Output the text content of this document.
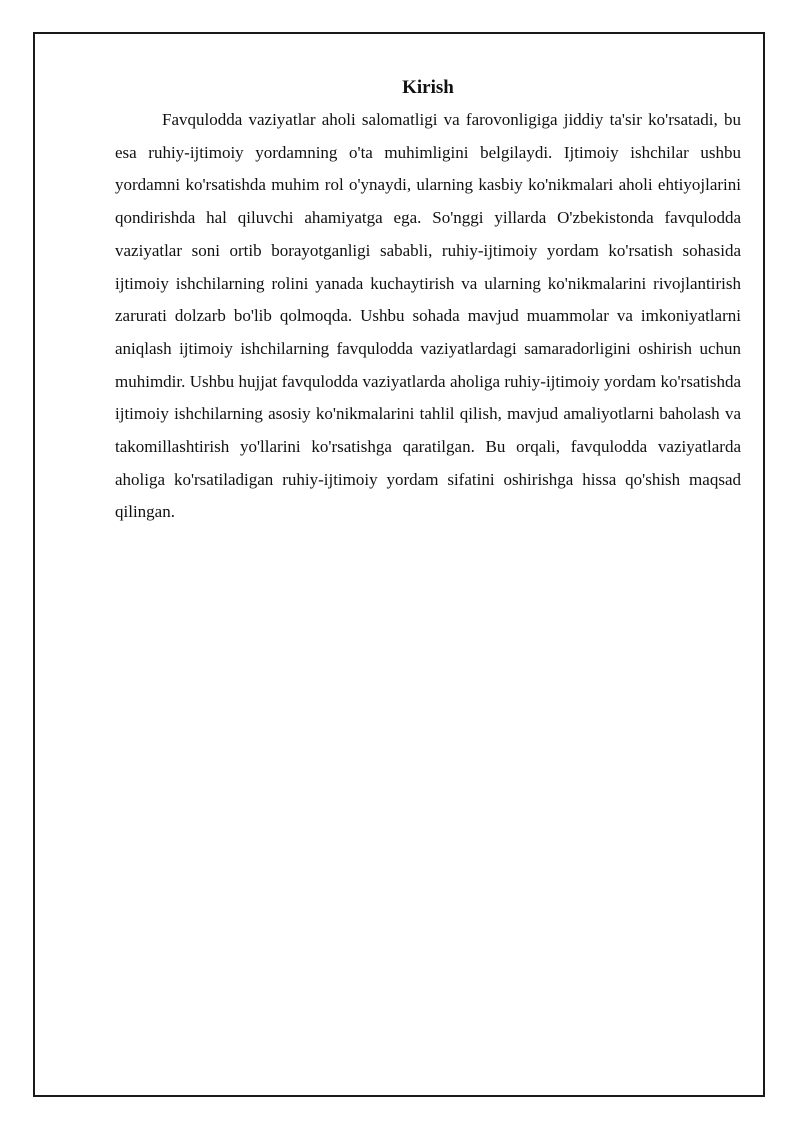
Kirish

Favqulodda vaziyatlar aholi salomatligi va farovonligiga jiddiy ta'sir ko'rsatadi, bu esa ruhiy-ijtimoiy yordamning o'ta muhimligini belgilaydi. Ijtimoiy ishchilar ushbu yordamni ko'rsatishda muhim rol o'ynaydi, ularning kasbiy ko'nikmalari aholi ehtiyojlarini qondirishda hal qiluvchi ahamiyatga ega. So'nggi yillarda O'zbekistonda favqulodda vaziyatlar soni ortib borayotganligi sababli, ruhiy-ijtimoiy yordam ko'rsatish sohasida ijtimoiy ishchilarning rolini yanada kuchaytirish va ularning ko'nikmalarini rivojlantirish zarurati dolzarb bo'lib qolmoqda. Ushbu sohada mavjud muammolar va imkoniyatlarni aniqlash ijtimoiy ishchilarning favqulodda vaziyatlardagi samaradorligini oshirish uchun muhimdir. Ushbu hujjat favqulodda vaziyatlarda aholiga ruhiy-ijtimoiy yordam ko'rsatishda ijtimoiy ishchilarning asosiy ko'nikmalarini tahlil qilish, mavjud amaliyotlarni baholash va takomillashtirish yo'llarini ko'rsatishga qaratilgan. Bu orqali, favqulodda vaziyatlarda aholiga ko'rsatiladigan ruhiy-ijtimoiy yordam sifatini oshirishga hissa qo'shish maqsad qilingan.
